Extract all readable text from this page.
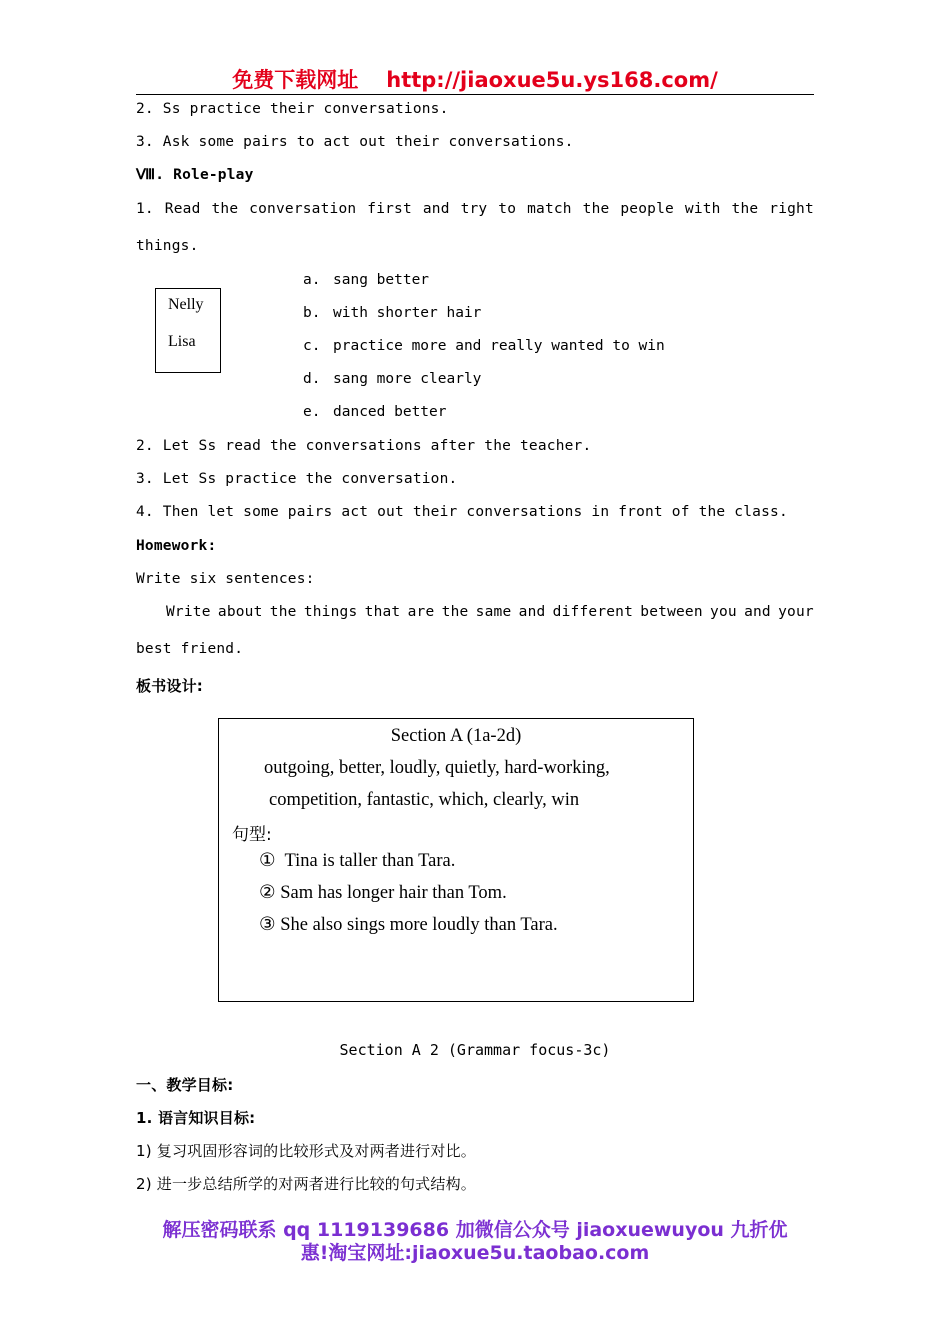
免费下载网址 http://jiaoxue5u.ys168.com/
2. Ss practice their conversations.
3. Ask some pairs to act out their conversations.
Ⅷ. Role-play
1. Read the conversation first and try to match the people with the right
things.
Nelly
Lisa
a. sang better
b. with shorter hair
c. practice more and really wanted to win
d. sang more clearly
e. danced better
2. Let Ss read the conversations after the teacher.
3. Let Ss practice the conversation.
4. Then let some pairs act out their conversations in front of the class.
Homework:
Write six sentences:
Write about the things that are the same and different between you and your
best friend.
板书设计:
Section A (1a-2d)
outgoing, better, loudly, quietly, hard-working,
competition, fantastic, which, clearly, win
句型:
①  Tina is taller than Tara.
② Sam has longer hair than Tom.
③ She also sings more loudly than Tara.
Section A 2 (Grammar focus-3c)
一、教学目标:
1. 语言知识目标:
1) 复习巩固形容词的比较形式及对两者进行对比。
2) 进一步总结所学的对两者进行比较的句式结构。
解压密码联系 qq 1119139686 加微信公众号 jiaoxuewuyou 九折优
惠!淘宝网址:jiaoxue5u.taobao.com
